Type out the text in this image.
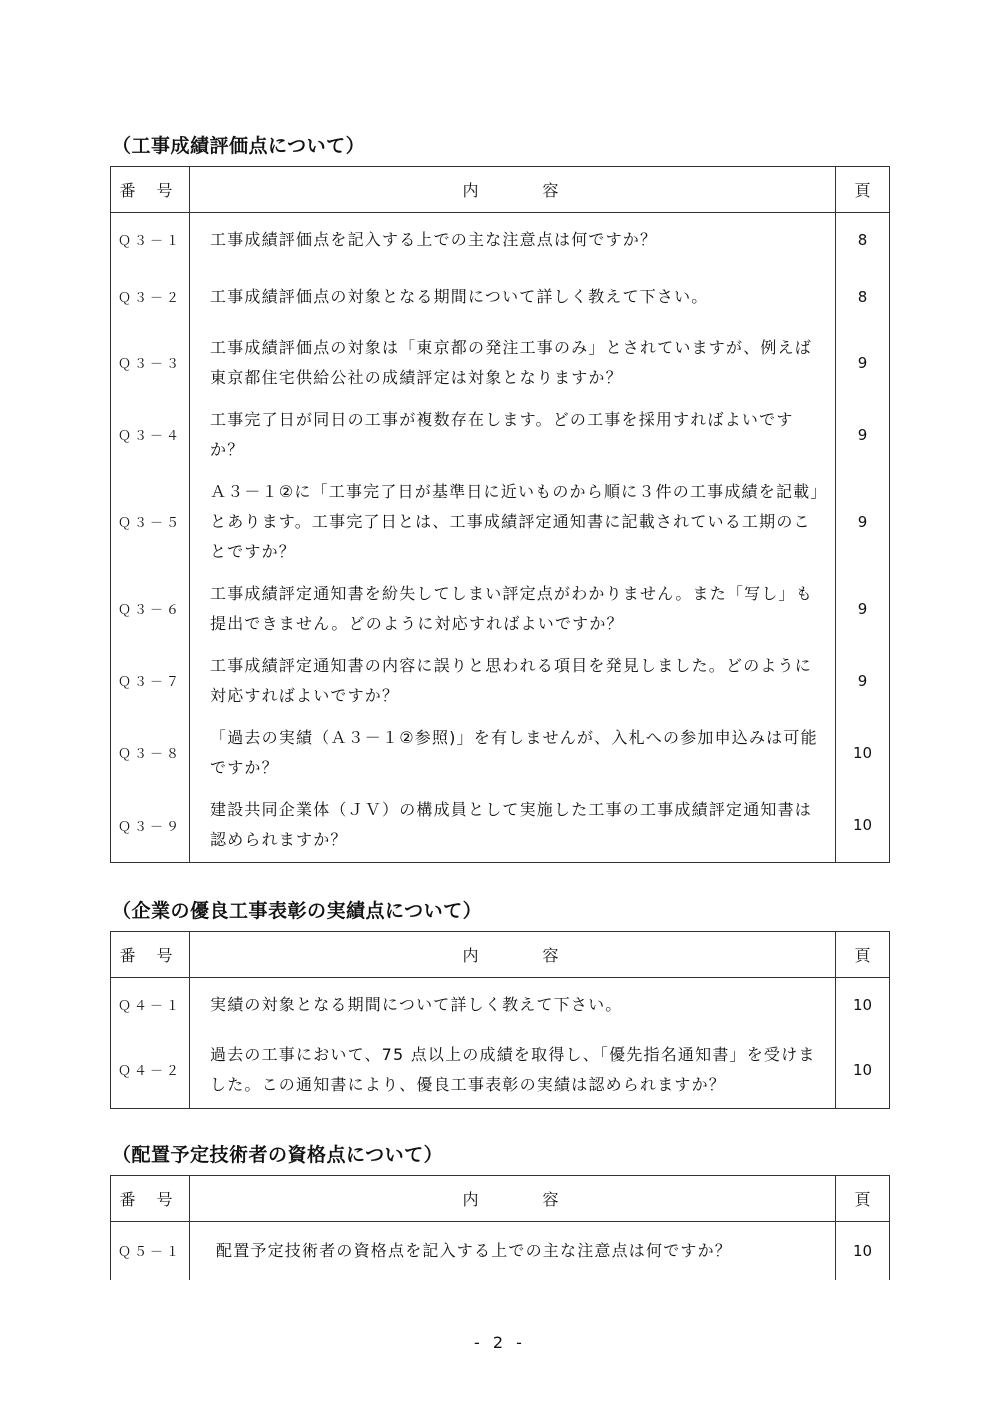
（工事成績評価点について）
番 号	内　　　容	頁
Ｑ３－１	工事成績評価点を記入する上での主な注意点は何ですか？	8
Ｑ３－２	工事成績評価点の対象となる期間について詳しく教えて下さい。	8
Ｑ３－３	工事成績評価点の対象は「東京都の発注工事のみ」とされていますが、例えば東京都住宅供給公社の成績評定は対象となりますか？	9
Ｑ３－４	工事完了日が同日の工事が複数存在します。どの工事を採用すればよいですか？	9
Ｑ３－５	Ａ３－１②に「工事完了日が基準日に近いものから順に３件の工事成績を記載」とあります。工事完了日とは、工事成績評定通知書に記載されている工期のことですか？	9
Ｑ３－６	工事成績評定通知書を紛失してしまい評定点がわかりません。また「写し」も提出できません。どのように対応すればよいですか？	9
Ｑ３－７	工事成績評定通知書の内容に誤りと思われる項目を発見しました。どのように対応すればよいですか？	9
Ｑ３－８	「過去の実績（Ａ３－１②参照)」を有しませんが、入札への参加申込みは可能ですか？	10
Ｑ３－９	建設共同企業体（ＪＶ）の構成員として実施した工事の工事成績評定通知書は認められますか？	10
（企業の優良工事表彰の実績点について）
番 号	内　　　容	頁
Ｑ４－１	実績の対象となる期間について詳しく教えて下さい。	10
Ｑ４－２	過去の工事において、75 点以上の成績を取得し、「優先指名通知書」を受けました。この通知書により、優良工事表彰の実績は認められますか？	10
（配置予定技術者の資格点について）
番 号	内　　　容	頁
Ｑ５－１	配置予定技術者の資格点を記入する上での主な注意点は何ですか？	10
- 2 -
